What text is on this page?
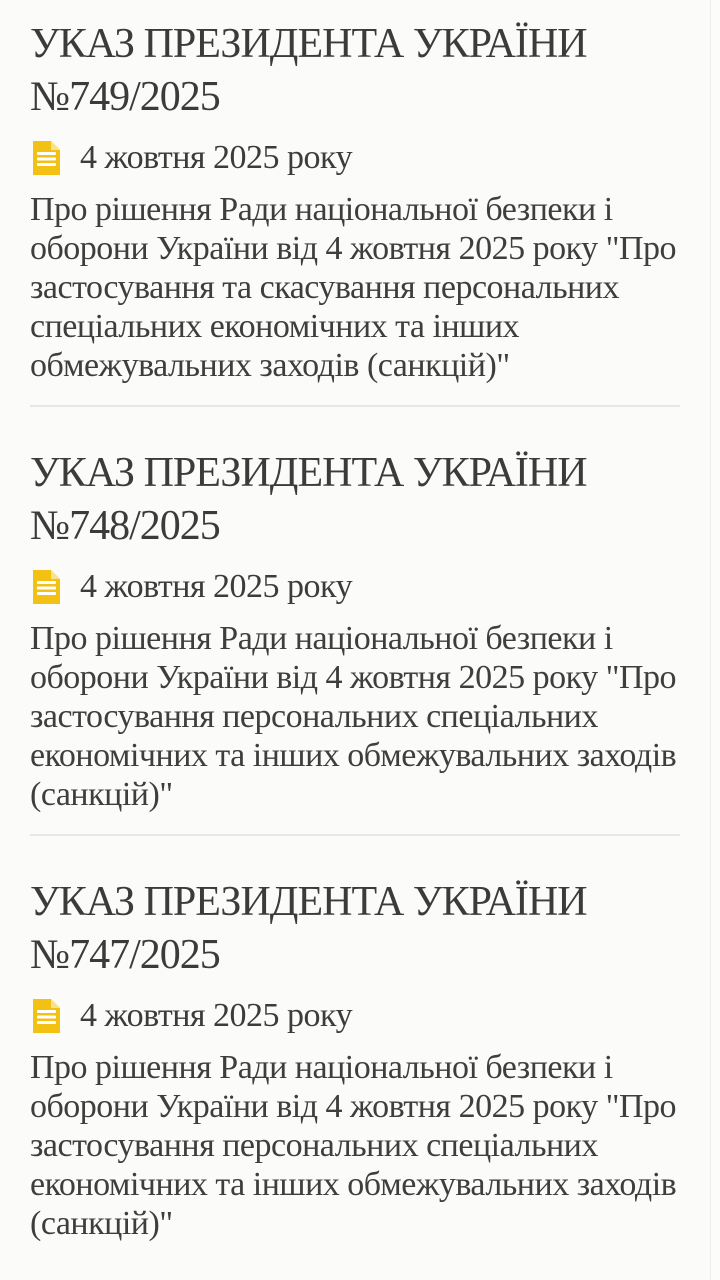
УКАЗ ПРЕЗИДЕНТА УКРАЇНИ
№749/2025
4 жовтня 2025 року

Про рішення Ради національної безпеки і оборони України від 4 жовтня 2025 року "Про застосування та скасування персональних спеціальних економічних та інших обмежувальних заходів (санкцій)"

УКАЗ ПРЕЗИДЕНТА УКРАЇНИ
№748/2025
4 жовтня 2025 року

Про рішення Ради національної безпеки і оборони України від 4 жовтня 2025 року "Про застосування персональних спеціальних економічних та інших обмежувальних заходів (санкцій)"

УКАЗ ПРЕЗИДЕНТА УКРАЇНИ
№747/2025
4 жовтня 2025 року

Про рішення Ради національної безпеки і оборони України від 4 жовтня 2025 року "Про застосування персональних спеціальних економічних та інших обмежувальних заходів (санкцій)"
